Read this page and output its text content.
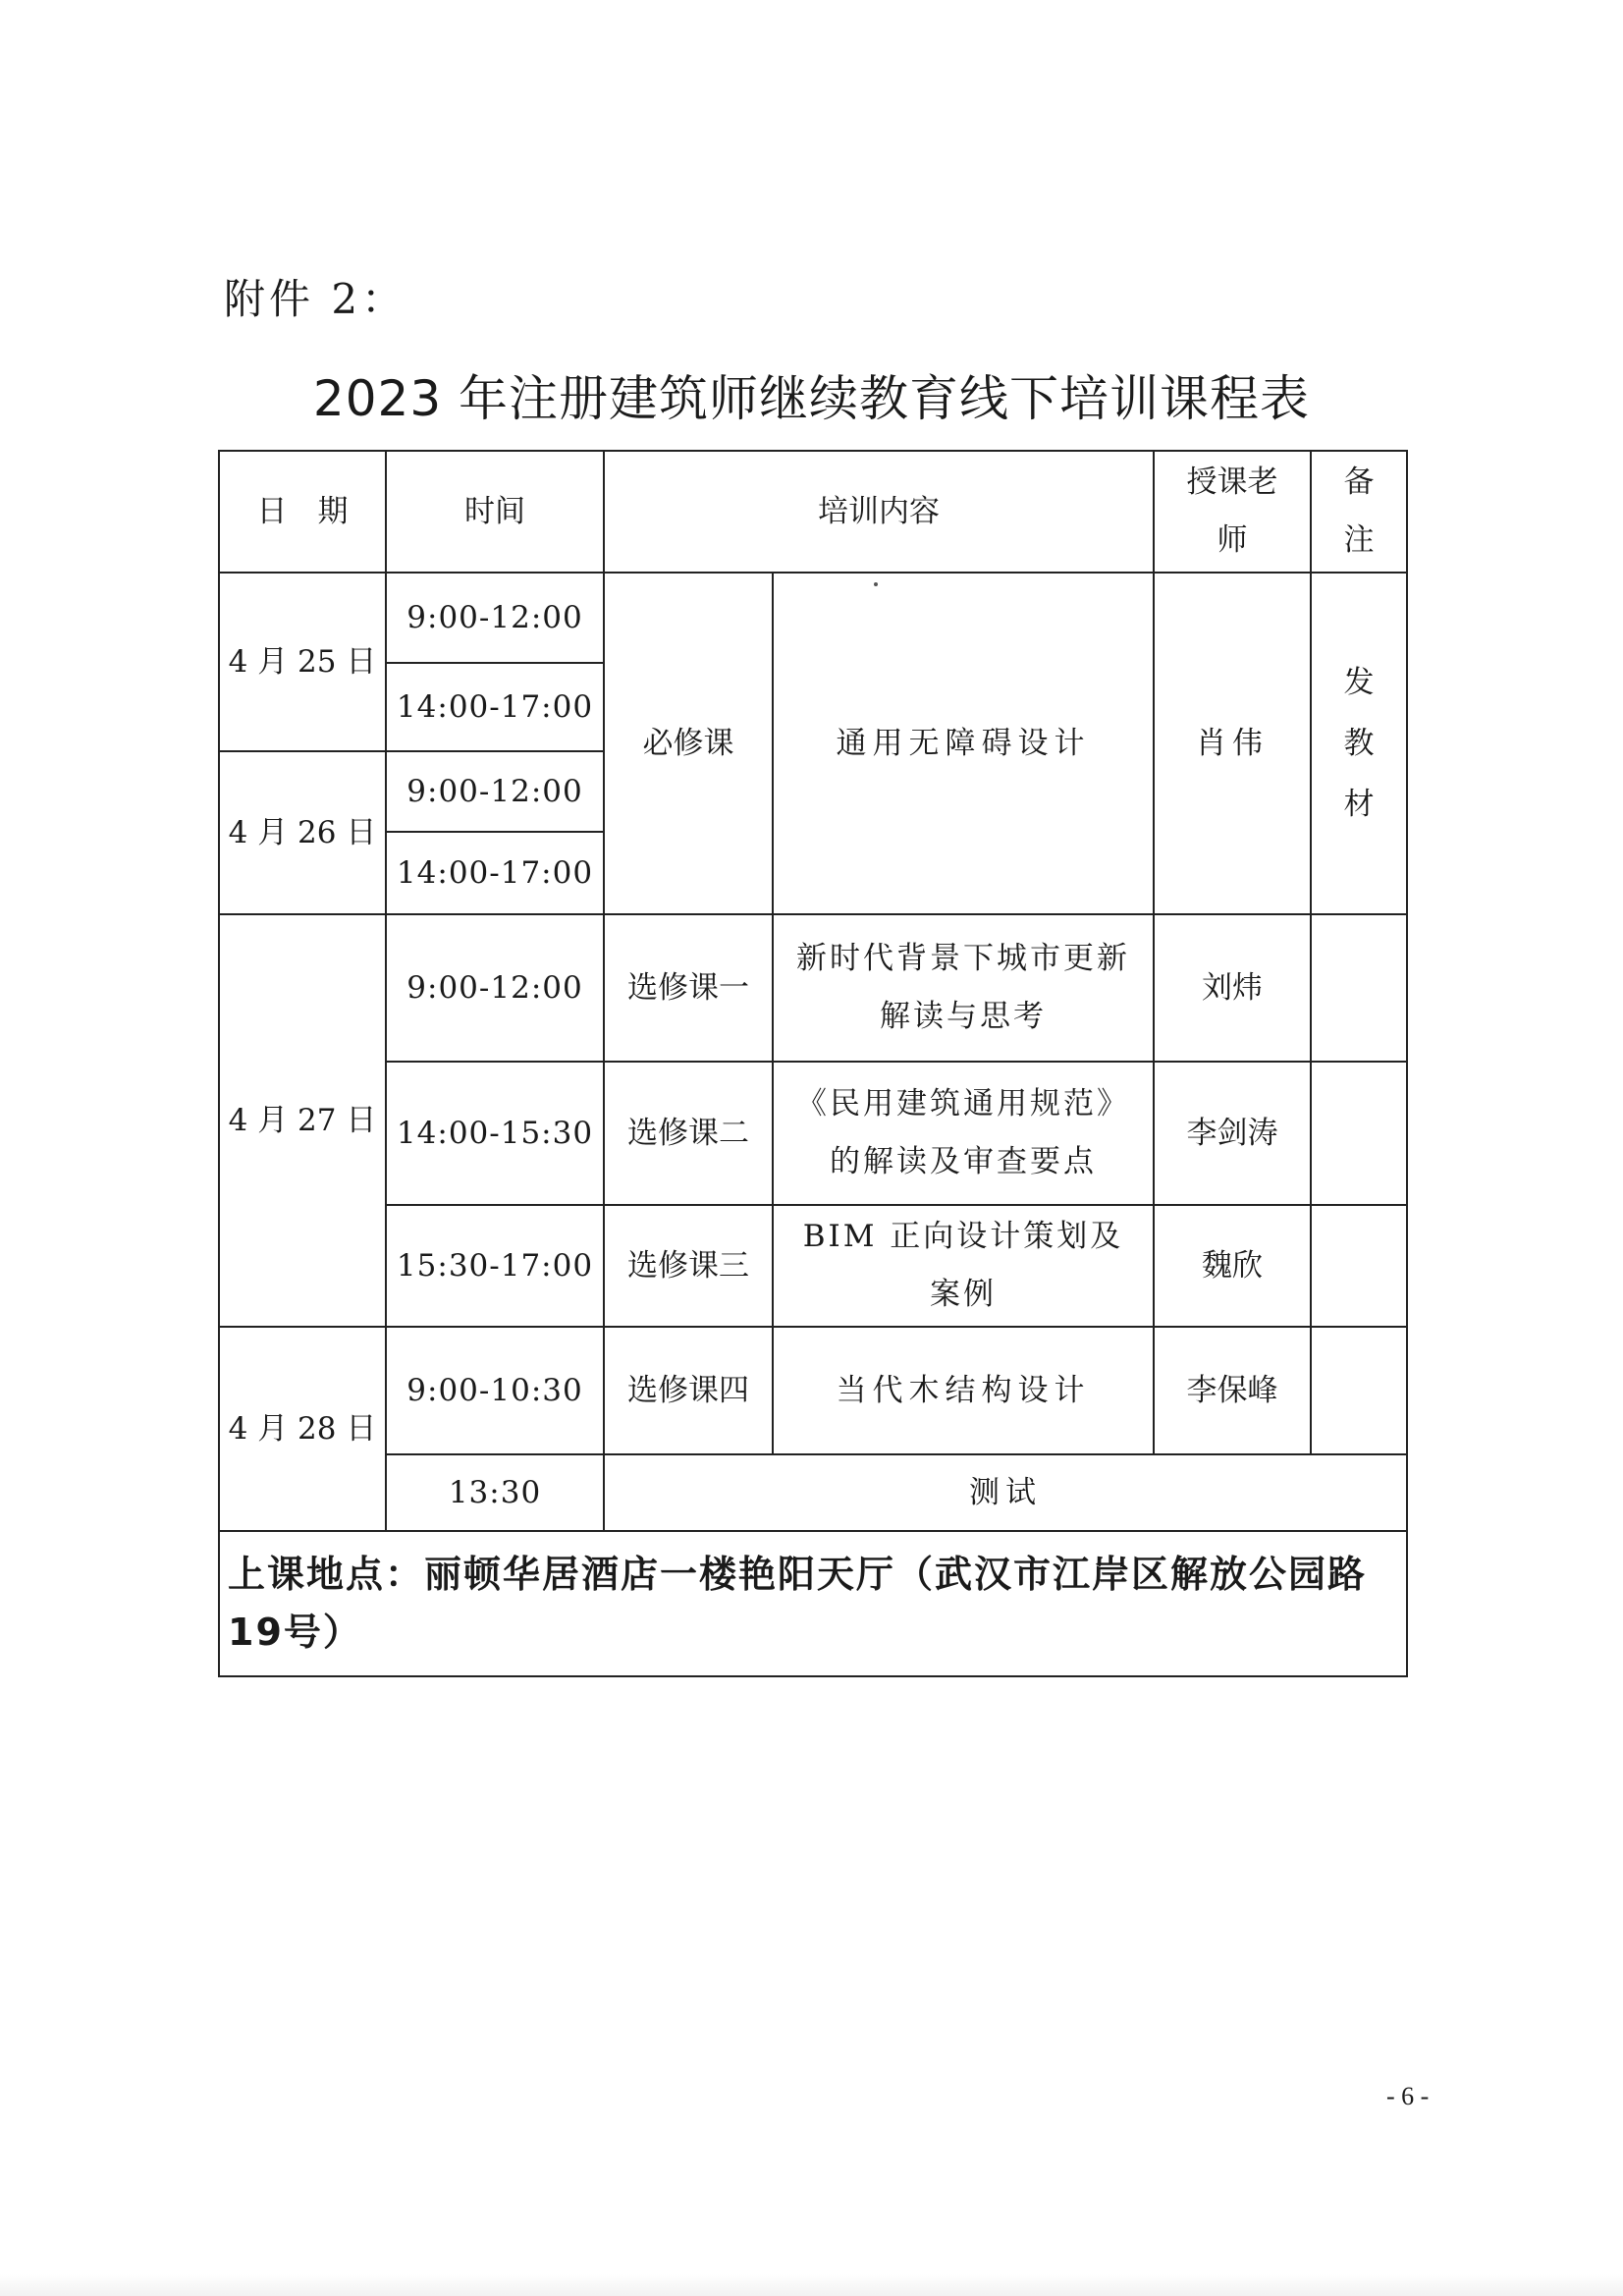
附件 2：
2023 年注册建筑师继续教育线下培训课程表
日　期	时间	培训内容		授课老师	备注

4 月 25 日	9:00-12:00	必修课	通用无障碍设计	肖伟	发教材

	14:00-17:00				
4 月 26 日	9:00-12:00				
	14:00-17:00				
4 月 27 日	9:00-12:00	选修课一	新时代背景下城市更新解读与思考	刘炜	
	14:00-15:30	选修课二	《民用建筑通用规范》的解读及审查要点	李剑涛	
	15:30-17:00	选修课三	BIM 正向设计策划及案例	魏欣	
4 月 28 日	9:00-10:30	选修课四	当代木结构设计	李保峰	
	13:30	测试			
上课地点：丽顿华居酒店一楼艳阳天厅（武汉市江岸区解放公园路19号）					
- 6 -
